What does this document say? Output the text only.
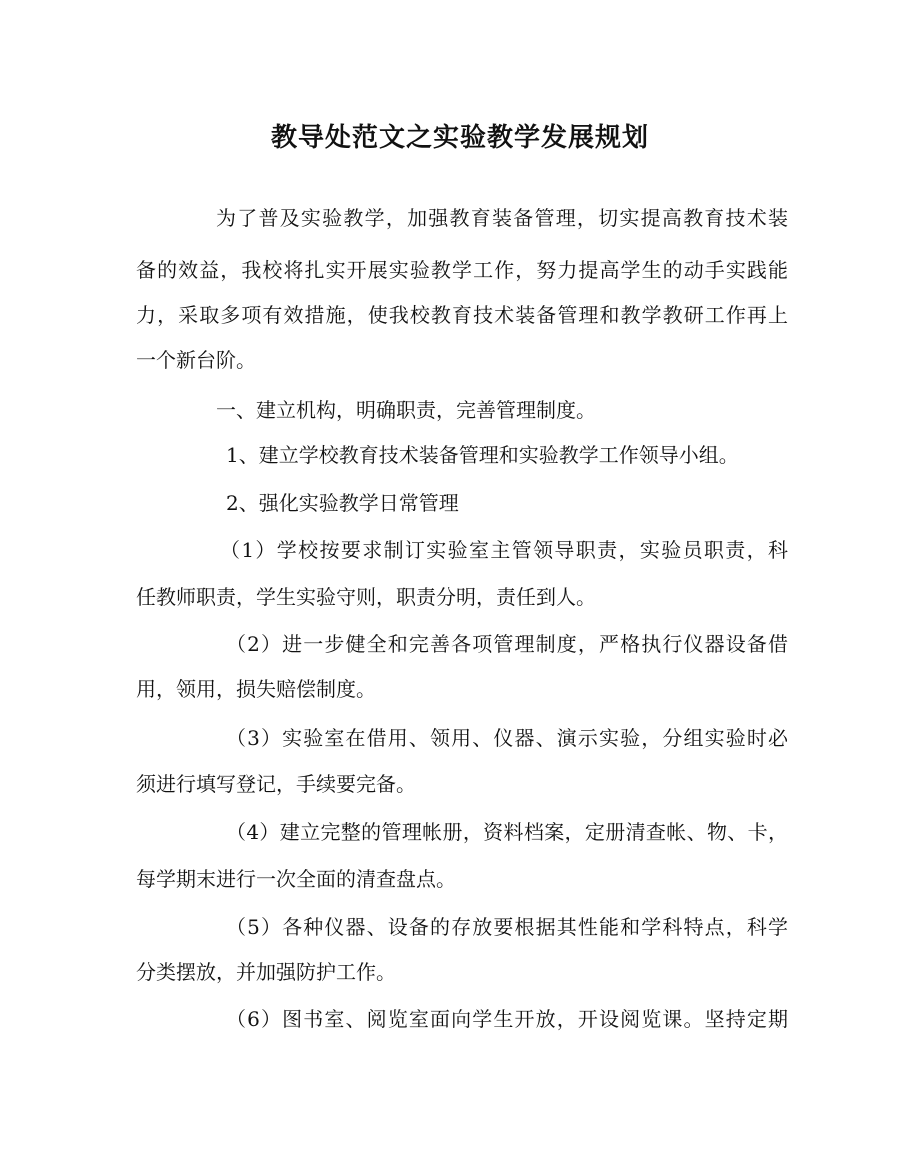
教导处范文之实验教学发展规划
为了普及实验教学，加强教育装备管理，切实提高教育技术装
备的效益，我校将扎实开展实验教学工作，努力提高学生的动手实践能
力，采取多项有效措施，使我校教育技术装备管理和教学教研工作再上
一个新台阶。
一、建立机构，明确职责，完善管理制度。
1、建立学校教育技术装备管理和实验教学工作领导小组。
2、强化实验教学日常管理
（1）学校按要求制订实验室主管领导职责，实验员职责，科
任教师职责，学生实验守则，职责分明，责任到人。
（2）进一步健全和完善各项管理制度，严格执行仪器设备借
用，领用，损失赔偿制度。
（3）实验室在借用、领用、仪器、演示实验，分组实验时必
须进行填写登记，手续要完备。
（4）建立完整的管理帐册，资料档案，定册清查帐、物、卡，
每学期末进行一次全面的清查盘点。
（5）各种仪器、设备的存放要根据其性能和学科特点，科学
分类摆放，并加强防护工作。
（6）图书室、阅览室面向学生开放，开设阅览课。坚持定期
